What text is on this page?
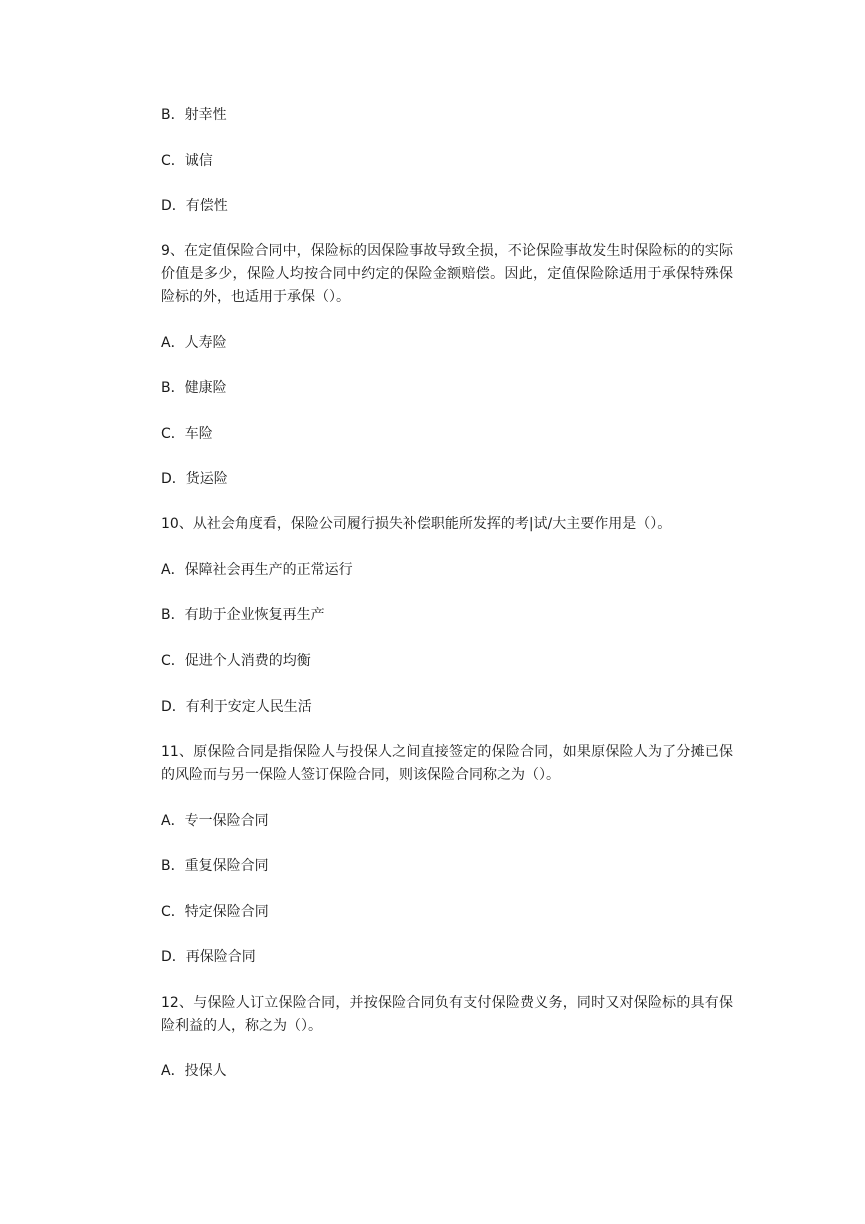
B．射幸性
C．诚信
D．有偿性
9、在定值保险合同中，保险标的因保险事故导致全损，不论保险事故发生时保险标的的实际价值是多少，保险人均按合同中约定的保险金额赔偿。因此，定值保险除适用于承保特殊保险标的外，也适用于承保（）。
A．人寿险
B．健康险
C．车险
D．货运险
10、从社会角度看，保险公司履行损失补偿职能所发挥的考|试/大主要作用是（）。
A．保障社会再生产的正常运行
B．有助于企业恢复再生产
C．促进个人消费的均衡
D．有利于安定人民生活
11、原保险合同是指保险人与投保人之间直接签定的保险合同，如果原保险人为了分摊已保的风险而与另一保险人签订保险合同，则该保险合同称之为（）。
A．专一保险合同
B．重复保险合同
C．特定保险合同
D．再保险合同
12、与保险人订立保险合同，并按保险合同负有支付保险费义务，同时又对保险标的具有保险利益的人，称之为（）。
A．投保人
